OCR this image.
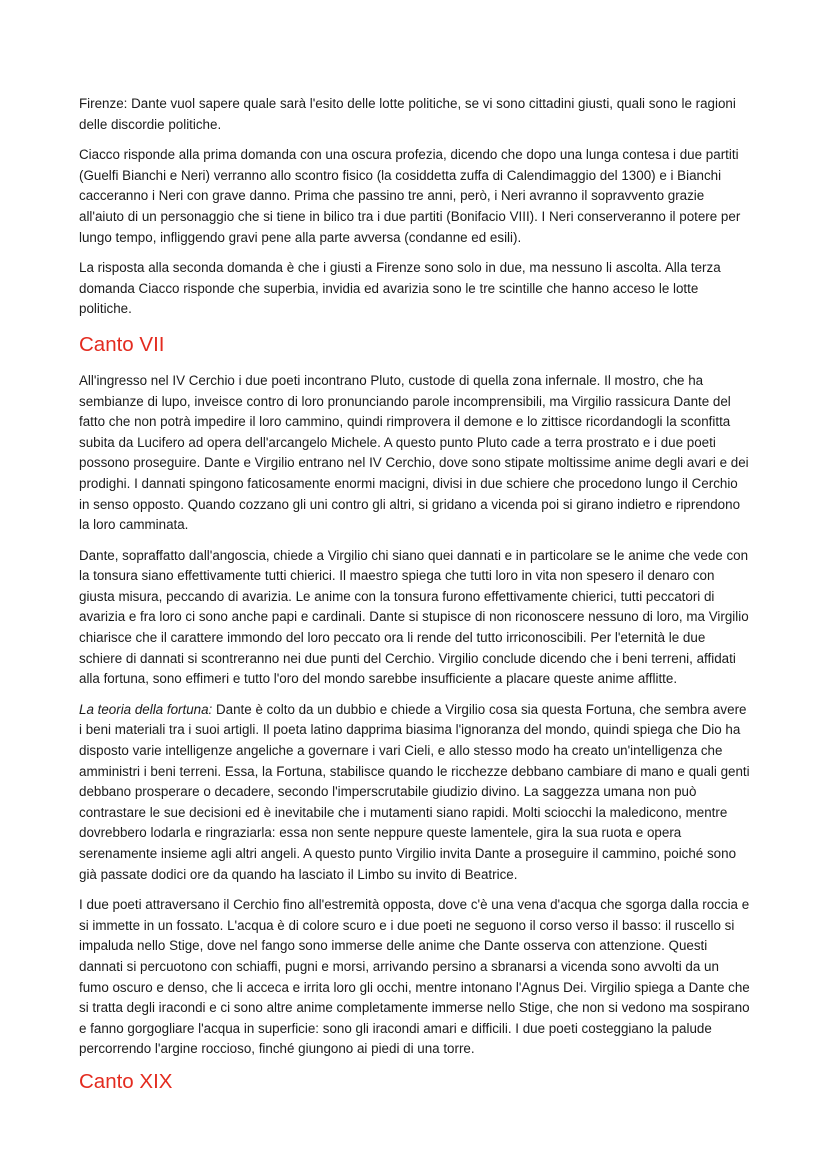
Firenze: Dante vuol sapere quale sarà l'esito delle lotte politiche, se vi sono cittadini giusti, quali sono le ragioni delle discordie politiche.

Ciacco risponde alla prima domanda con una oscura profezia, dicendo che dopo una lunga contesa i due partiti (Guelfi Bianchi e Neri) verranno allo scontro fisico (la cosiddetta zuffa di Calendimaggio del 1300) e i Bianchi cacceranno i Neri con grave danno. Prima che passino tre anni, però, i Neri avranno il sopravvento grazie all'aiuto di un personaggio che si tiene in bilico tra i due partiti (Bonifacio VIII). I Neri conserveranno il potere per lungo tempo, infliggendo gravi pene alla parte avversa (condanne ed esili).

La risposta alla seconda domanda è che i giusti a Firenze sono solo in due, ma nessuno li ascolta. Alla terza domanda Ciacco risponde che superbia, invidia ed avarizia sono le tre scintille che hanno acceso le lotte politiche.

Canto VII

All'ingresso nel IV Cerchio i due poeti incontrano Pluto, custode di quella zona infernale. Il mostro, che ha sembianze di lupo, inveisce contro di loro pronunciando parole incomprensibili, ma Virgilio rassicura Dante del fatto che non potrà impedire il loro cammino, quindi rimprovera il demone e lo zittisce ricordandogli la sconfitta subita da Lucifero ad opera dell'arcangelo Michele. A questo punto Pluto cade a terra prostrato e i due poeti possono proseguire. Dante e Virgilio entrano nel IV Cerchio, dove sono stipate moltissime anime degli avari e dei prodighi. I dannati spingono faticosamente enormi macigni, divisi in due schiere che procedono lungo il Cerchio in senso opposto. Quando cozzano gli uni contro gli altri, si gridano a vicenda poi si girano indietro e riprendono la loro camminata.

Dante, sopraffatto dall'angoscia, chiede a Virgilio chi siano quei dannati e in particolare se le anime che vede con la tonsura siano effettivamente tutti chierici. Il maestro spiega che tutti loro in vita non spesero il denaro con giusta misura, peccando di avarizia. Le anime con la tonsura furono effettivamente chierici, tutti peccatori di avarizia e fra loro ci sono anche papi e cardinali. Dante si stupisce di non riconoscere nessuno di loro, ma Virgilio chiarisce che il carattere immondo del loro peccato ora li rende del tutto irriconoscibili. Per l'eternità le due schiere di dannati si scontreranno nei due punti del Cerchio. Virgilio conclude dicendo che i beni terreni, affidati alla fortuna, sono effimeri e tutto l'oro del mondo sarebbe insufficiente a placare queste anime afflitte.

La teoria della fortuna: Dante è colto da un dubbio e chiede a Virgilio cosa sia questa Fortuna, che sembra avere i beni materiali tra i suoi artigli. Il poeta latino dapprima biasima l'ignoranza del mondo, quindi spiega che Dio ha disposto varie intelligenze angeliche a governare i vari Cieli, e allo stesso modo ha creato un'intelligenza che amministri i beni terreni. Essa, la Fortuna, stabilisce quando le ricchezze debbano cambiare di mano e quali genti debbano prosperare o decadere, secondo l'imperscrutabile giudizio divino. La saggezza umana non può contrastare le sue decisioni ed è inevitabile che i mutamenti siano rapidi. Molti sciocchi la maledicono, mentre dovrebbero lodarla e ringraziarla: essa non sente neppure queste lamentele, gira la sua ruota e opera serenamente insieme agli altri angeli. A questo punto Virgilio invita Dante a proseguire il cammino, poiché sono già passate dodici ore da quando ha lasciato il Limbo su invito di Beatrice.

I due poeti attraversano il Cerchio fino all'estremità opposta, dove c'è una vena d'acqua che sgorga dalla roccia e si immette in un fossato. L'acqua è di colore scuro e i due poeti ne seguono il corso verso il basso: il ruscello si impaluda nello Stige, dove nel fango sono immerse delle anime che Dante osserva con attenzione. Questi dannati si percuotono con schiaffi, pugni e morsi, arrivando persino a sbranarsi a vicenda sono avvolti da un fumo oscuro e denso, che li acceca e irrita loro gli occhi, mentre intonano l'Agnus Dei. Virgilio spiega a Dante che si tratta degli iracondi e ci sono altre anime completamente immerse nello Stige, che non si vedono ma sospirano e fanno gorgogliare l'acqua in superficie: sono gli iracondi amari e difficili. I due poeti costeggiano la palude percorrendo l'argine roccioso, finché giungono ai piedi di una torre.

Canto XIX
